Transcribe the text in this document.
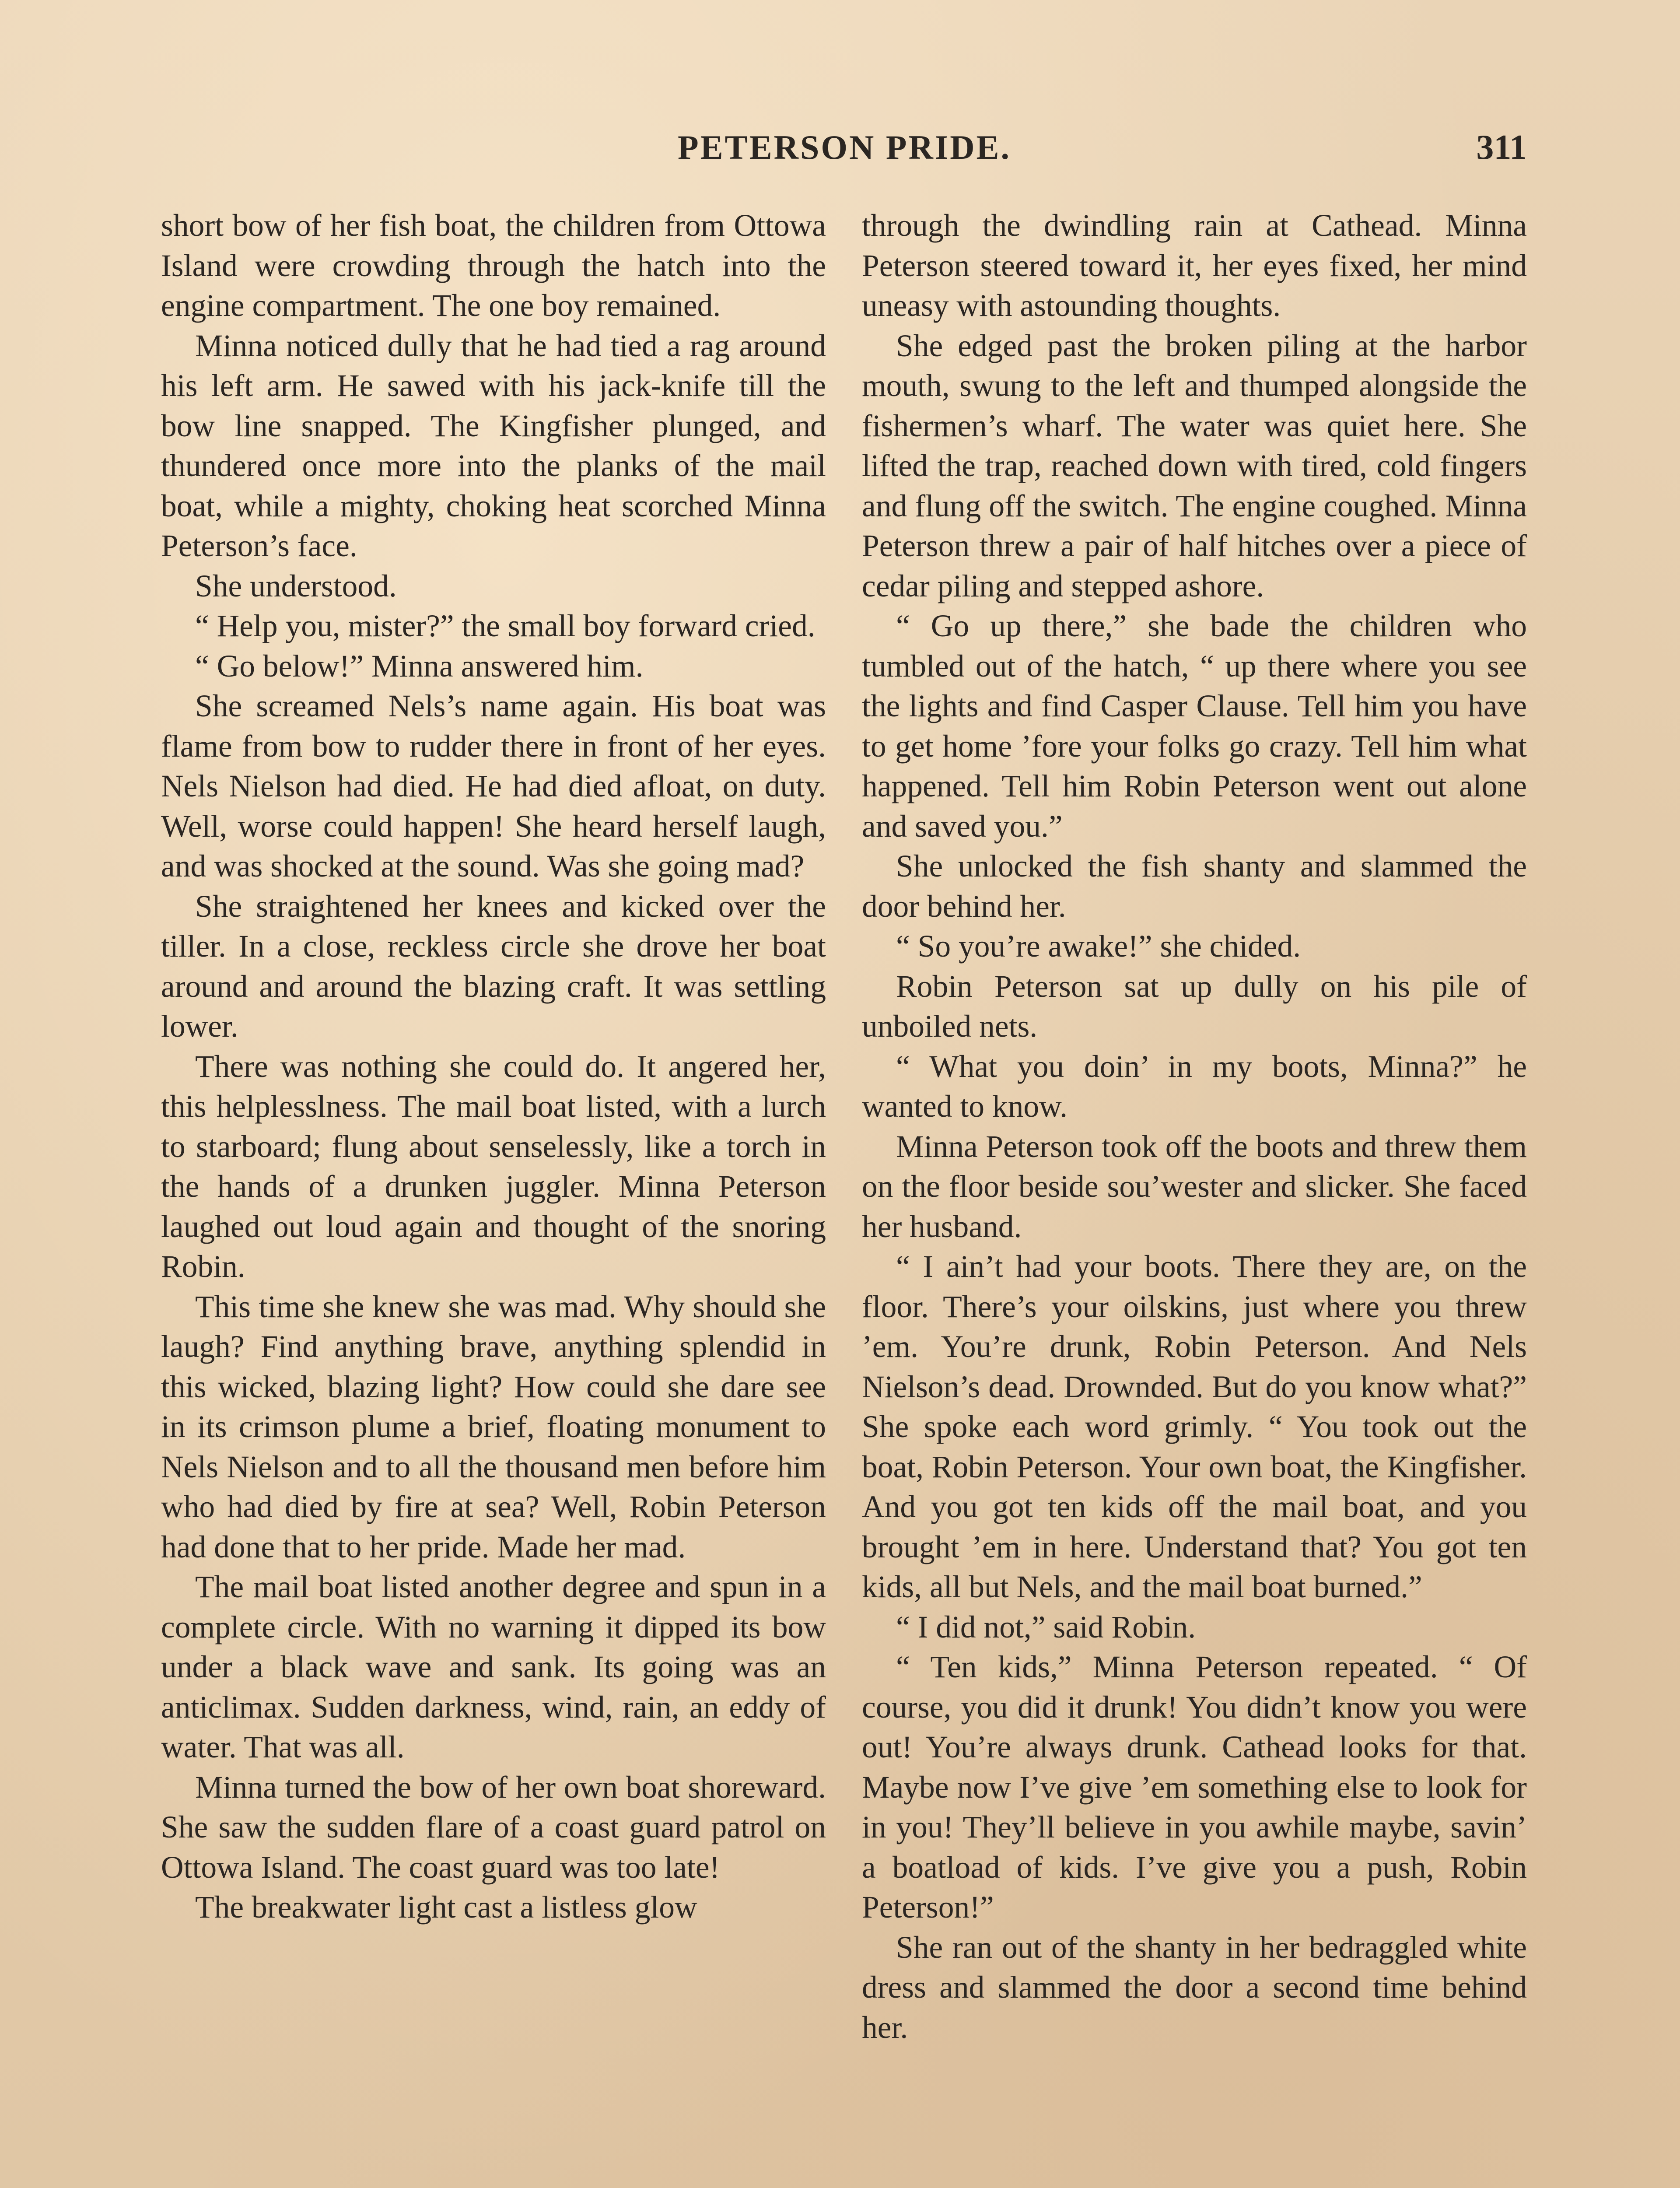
PETERSON PRIDE.	311

short bow of her fish boat, the children from Ottowa Island were crowding through the hatch into the engine compartment. The one boy remained.

Minna noticed dully that he had tied a rag around his left arm. He sawed with his jack-knife till the bow line snapped. The Kingfisher plunged, and thundered once more into the planks of the mail boat, while a mighty, choking heat scorched Minna Peterson’s face.

She understood.

“ Help you, mister?” the small boy forward cried.

“ Go below!” Minna answered him.

She screamed Nels’s name again. His boat was flame from bow to rudder there in front of her eyes. Nels Nielson had died. He had died afloat, on duty. Well, worse could happen! She heard herself laugh, and was shocked at the sound. Was she going mad?

She straightened her knees and kicked over the tiller. In a close, reckless circle she drove her boat around and around the blazing craft. It was settling lower.

There was nothing she could do. It angered her, this helplesslness. The mail boat listed, with a lurch to starboard; flung about senselessly, like a torch in the hands of a drunken juggler. Minna Peterson laughed out loud again and thought of the snoring Robin.

This time she knew she was mad. Why should she laugh? Find anything brave, anything splendid in this wicked, blazing light? How could she dare see in its crimson plume a brief, floating monument to Nels Nielson and to all the thousand men before him who had died by fire at sea? Well, Robin Peterson had done that to her pride. Made her mad.

The mail boat listed another degree and spun in a complete circle. With no warning it dipped its bow under a black wave and sank. Its going was an anticlimax. Sudden darkness, wind, rain, an eddy of water. That was all.

Minna turned the bow of her own boat shoreward. She saw the sudden flare of a coast guard patrol on Ottowa Island. The coast guard was too late!

The breakwater light cast a listless glow

through the dwindling rain at Cathead. Minna Peterson steered toward it, her eyes fixed, her mind uneasy with astounding thoughts.

She edged past the broken piling at the harbor mouth, swung to the left and thumped alongside the fishermen’s wharf. The water was quiet here. She lifted the trap, reached down with tired, cold fingers and flung off the switch. The engine coughed. Minna Peterson threw a pair of half hitches over a piece of cedar piling and stepped ashore.

“ Go up there,” she bade the children who tumbled out of the hatch, “ up there where you see the lights and find Casper Clause. Tell him you have to get home ’fore your folks go crazy. Tell him what happened. Tell him Robin Peterson went out alone and saved you.”

She unlocked the fish shanty and slammed the door behind her.

“ So you’re awake!” she chided.

Robin Peterson sat up dully on his pile of unboiled nets.

“ What you doin’ in my boots, Minna?” he wanted to know.

Minna Peterson took off the boots and threw them on the floor beside sou’wester and slicker. She faced her husband.

“ I ain’t had your boots. There they are, on the floor. There’s your oilskins, just where you threw ’em. You’re drunk, Robin Peterson. And Nels Nielson’s dead. Drownded. But do you know what?” She spoke each word grimly. “ You took out the boat, Robin Peterson. Your own boat, the Kingfisher. And you got ten kids off the mail boat, and you brought ’em in here. Understand that? You got ten kids, all but Nels, and the mail boat burned.”

“ I did not,” said Robin.

“ Ten kids,” Minna Peterson repeated. “ Of course, you did it drunk! You didn’t know you were out! You’re always drunk. Cathead looks for that. Maybe now I’ve give ’em something else to look for in you! They’ll believe in you awhile maybe, savin’ a boatload of kids. I’ve give you a push, Robin Peterson!”

She ran out of the shanty in her bedraggled white dress and slammed the door a second time behind her.
